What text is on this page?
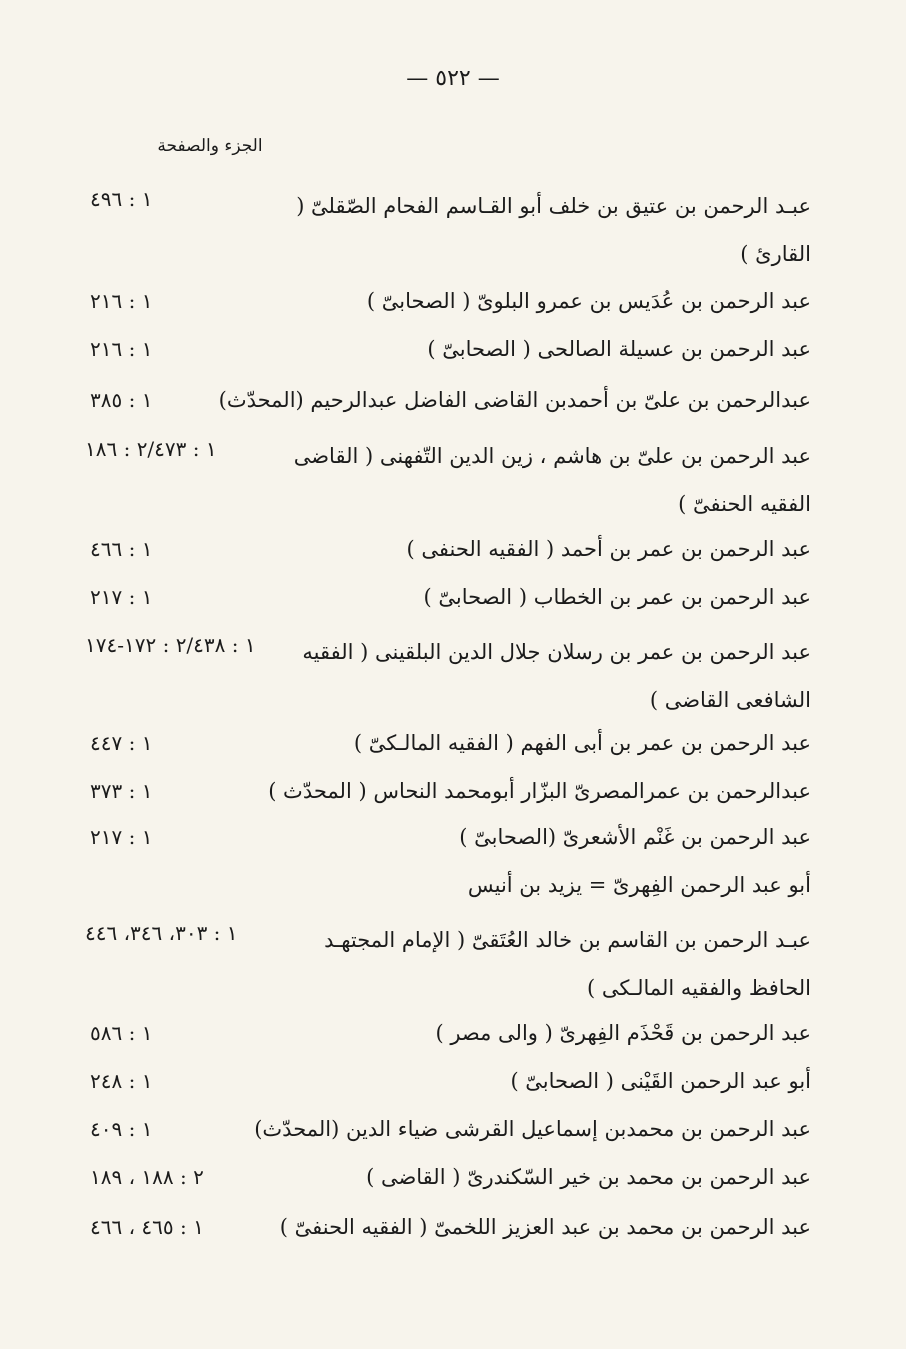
— ٥٢٢ —
الجزء والصفحة
عبـد الرحمن بن عتيق بن خلف أبو القـاسم الفحام الصّقلىّ ( القارئ )
١ : ٤٩٦
عبد الرحمن بن عُدَيس بن عمرو البلوىّ ( الصحابىّ )
١ : ٢١٦
عبد الرحمن بن عسيلة الصالحى ( الصحابىّ )
١ : ٢١٦
عبدالرحمن بن علىّ بن أحمدبن القاضى الفاضل عبدالرحيم (المحدّث)
١ : ٣٨٥
عبد الرحمن بن علىّ بن هاشم ، زين الدين التّفهنى ( القاضى الفقيه الحنفىّ )
١ : ٢/٤٧٣ : ١٨٦
عبد الرحمن بن عمر بن أحمد ( الفقيه الحنفى )
١ : ٤٦٦
عبد الرحمن بن عمر بن الخطاب ( الصحابىّ )
١ : ٢١٧
عبد الرحمن بن عمر بن رسلان جلال الدين البلقينى ( الفقيه الشافعى القاضى )
١ : ٢/٤٣٨ : ١٧٢-١٧٤
عبد الرحمن بن عمر بن أبى الفهم ( الفقيه المالـكىّ )
١ : ٤٤٧
عبدالرحمن بن عمرالمصرىّ البزّار أبومحمد النحاس ( المحدّث )
١ : ٣٧٣
عبد الرحمن بن غَنْم الأشعرىّ (الصحابىّ )
١ : ٢١٧
أبو عبد الرحمن الفِهرىّ = يزيد بن أنيس
عبـد الرحمن بن القاسم بن خالد العُتَقىّ ( الإمام المجتهـد الحافظ والفقيه المالـكى )
١ : ٣٠٣، ٣٤٦، ٤٤٦
عبد الرحمن بن قَحْذَم الفِهرىّ ( والى مصر )
١ : ٥٨٦
أبو عبد الرحمن القَيْنى ( الصحابىّ )
١ : ٢٤٨
عبد الرحمن بن محمدبن إسماعيل القرشى ضياء الدين (المحدّث)
١ : ٤٠٩
عبد الرحمن بن محمد بن خير السّكندرىّ ( القاضى )
٢ : ١٨٨ ، ١٨٩
عبد الرحمن بن محمد بن عبد العزيز اللخمىّ ( الفقيه الحنفىّ )
١ : ٤٦٥ ، ٤٦٦
